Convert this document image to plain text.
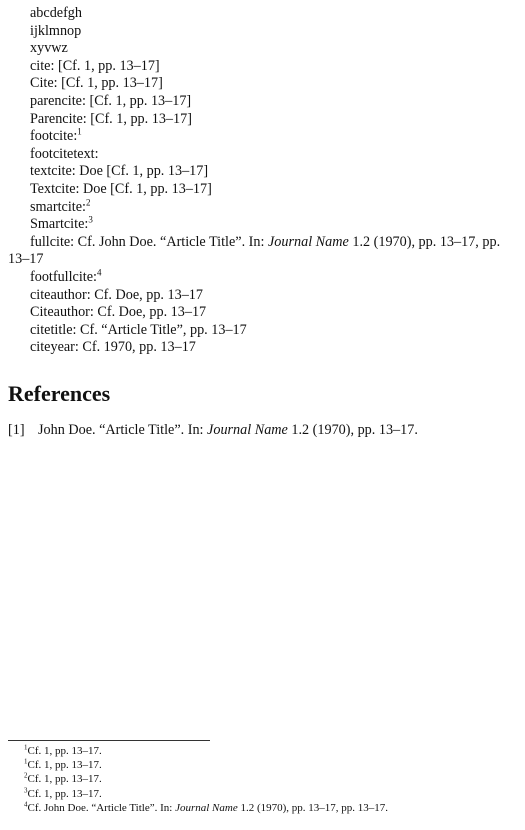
abcdefgh
ijklmnop
xyvwz
cite: [Cf. 1, pp. 13–17]
Cite: [Cf. 1, pp. 13–17]
parencite: [Cf. 1, pp. 13–17]
Parencite: [Cf. 1, pp. 13–17]
footcite:$^1$
footcitetext:
textcite: Doe [Cf. 1, pp. 13–17]
Textcite: Doe [Cf. 1, pp. 13–17]
smartcite:$^2$
Smartcite:$^3$
fullcite: Cf. John Doe. “Article Title”. In: Journal Name 1.2 (1970), pp. 13–17, pp. 13–17
footfullcite:$^4$
citeauthor: Cf. Doe, pp. 13–17
Citeauthor: Cf. Doe, pp. 13–17
citetitle: Cf. “Article Title”, pp. 13–17
citeyear: Cf. 1970, pp. 13–17
References
[1] John Doe. “Article Title”. In: Journal Name 1.2 (1970), pp. 13–17.
$^1$Cf. 1, pp. 13–17.
$^1$Cf. 1, pp. 13–17.
$^2$Cf. 1, pp. 13–17.
$^3$Cf. 1, pp. 13–17.
$^4$Cf. John Doe. “Article Title”. In: Journal Name 1.2 (1970), pp. 13–17, pp. 13–17.
